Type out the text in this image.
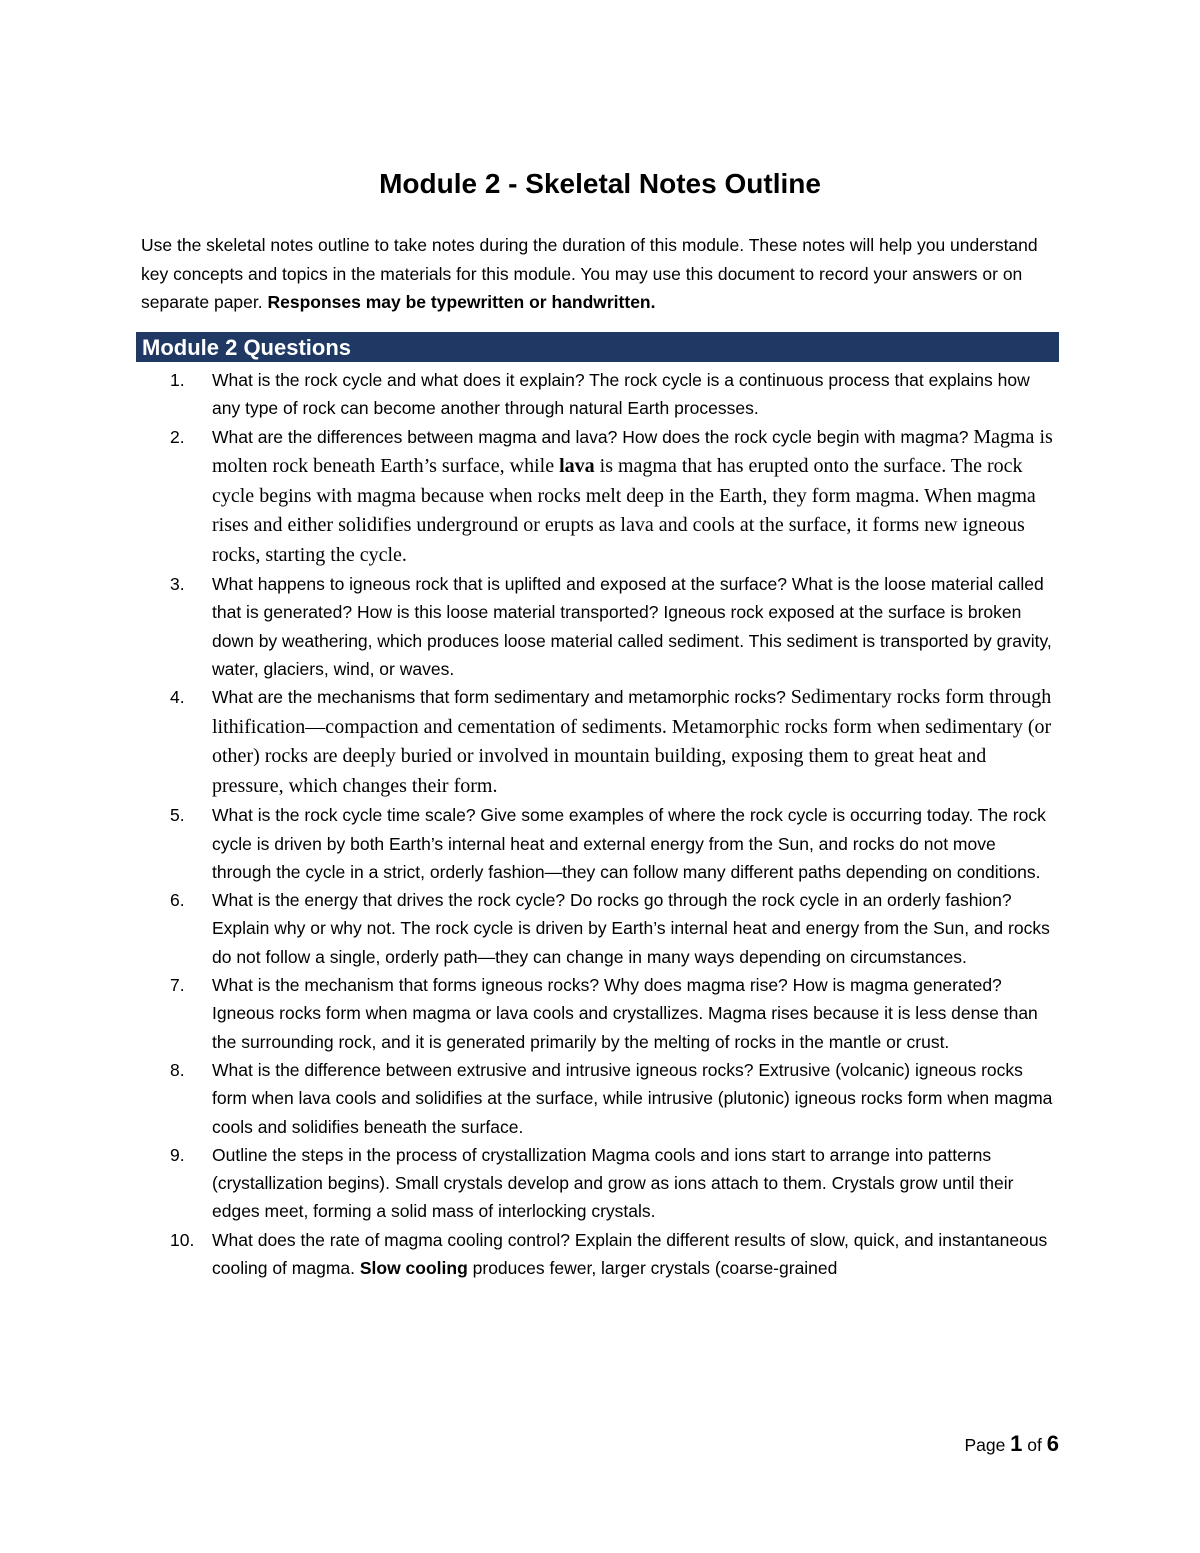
Module 2 - Skeletal Notes Outline
Use the skeletal notes outline to take notes during the duration of this module. These notes will help you understand key concepts and topics in the materials for this module. You may use this document to record your answers or on separate paper. Responses may be typewritten or handwritten.
Module 2 Questions
1.	What is the rock cycle and what does it explain? The rock cycle is a continuous process that explains how any type of rock can become another through natural Earth processes.
2.	What are the differences between magma and lava? How does the rock cycle begin with magma? Magma is molten rock beneath Earth’s surface, while lava is magma that has erupted onto the surface. The rock cycle begins with magma because when rocks melt deep in the Earth, they form magma. When magma rises and either solidifies underground or erupts as lava and cools at the surface, it forms new igneous rocks, starting the cycle.
3.	What happens to igneous rock that is uplifted and exposed at the surface? What is the loose material called that is generated? How is this loose material transported? Igneous rock exposed at the surface is broken down by weathering, which produces loose material called sediment. This sediment is transported by gravity, water, glaciers, wind, or waves.
4.	What are the mechanisms that form sedimentary and metamorphic rocks? Sedimentary rocks form through lithification—compaction and cementation of sediments. Metamorphic rocks form when sedimentary (or other) rocks are deeply buried or involved in mountain building, exposing them to great heat and pressure, which changes their form.
5.	What is the rock cycle time scale? Give some examples of where the rock cycle is occurring today. The rock cycle is driven by both Earth’s internal heat and external energy from the Sun, and rocks do not move through the cycle in a strict, orderly fashion—they can follow many different paths depending on conditions.
6.	What is the energy that drives the rock cycle? Do rocks go through the rock cycle in an orderly fashion? Explain why or why not. The rock cycle is driven by Earth’s internal heat and energy from the Sun, and rocks do not follow a single, orderly path—they can change in many ways depending on circumstances.
7.	What is the mechanism that forms igneous rocks? Why does magma rise? How is magma generated? Igneous rocks form when magma or lava cools and crystallizes. Magma rises because it is less dense than the surrounding rock, and it is generated primarily by the melting of rocks in the mantle or crust.
8.	What is the difference between extrusive and intrusive igneous rocks? Extrusive (volcanic) igneous rocks form when lava cools and solidifies at the surface, while intrusive (plutonic) igneous rocks form when magma cools and solidifies beneath the surface.
9.	Outline the steps in the process of crystallization Magma cools and ions start to arrange into patterns (crystallization begins). Small crystals develop and grow as ions attach to them. Crystals grow until their edges meet, forming a solid mass of interlocking crystals.
10.	What does the rate of magma cooling control? Explain the different results of slow, quick, and instantaneous cooling of magma. Slow cooling produces fewer, larger crystals (coarse-grained
Page 1 of 6
